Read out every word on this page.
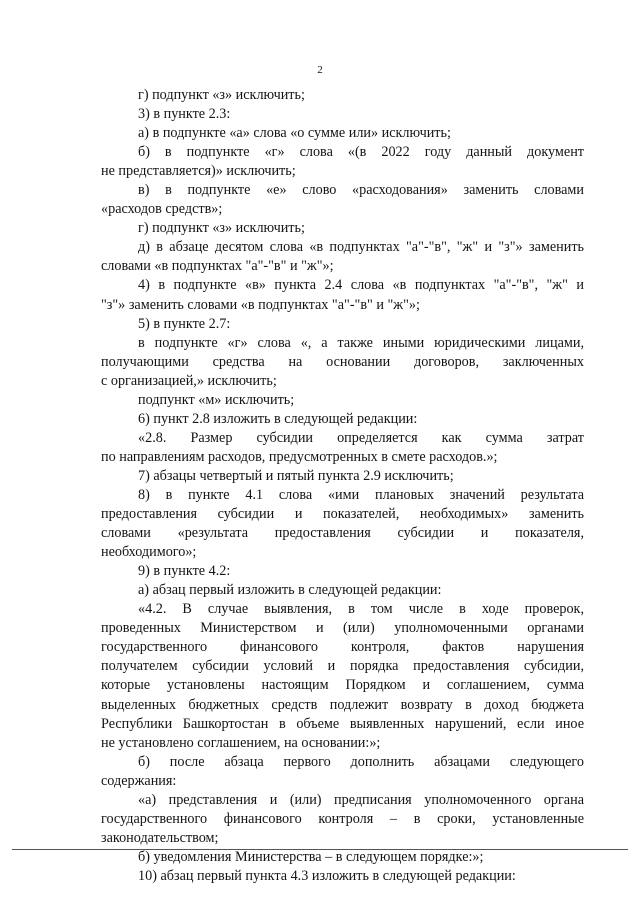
2

г) подпункт «з» исключить;

3) в пункте 2.3:

а) в подпункте «а» слова «о сумме или» исключить;

б) в подпункте «г» слова «(в 2022 году данный документ

не представляется)» исключить;

в) в подпункте «е» слово «расходования» заменить словами

«расходов средств»;

г) подпункт «з» исключить;

д) в абзаце десятом слова «в подпунктах "а"-"в", "ж" и "з"» заменить

словами «в подпунктах "а"-"в" и "ж"»;

4) в подпункте «в» пункта 2.4 слова «в подпунктах "а"-"в", "ж" и

"з"» заменить словами «в подпунктах "а"-"в" и "ж"»;

5) в пункте 2.7:

в подпункте «г» слова «, а также иными юридическими лицами,

получающими средства на основании договоров, заключенных

с организацией,» исключить;

подпункт «м» исключить;

6) пункт 2.8 изложить в следующей редакции:

«2.8. Размер субсидии определяется как сумма затрат

по направлениям расходов, предусмотренных в смете расходов.»;

7) абзацы четвертый и пятый пункта 2.9 исключить;

8) в пункте 4.1 слова «ими плановых значений результата

предоставления субсидии и показателей, необходимых» заменить

словами «результата предоставления субсидии и показателя,

необходимого»;

9) в пункте 4.2:

а) абзац первый изложить в следующей редакции:

«4.2. В случае выявления, в том числе в ходе проверок,

проведенных Министерством и (или) уполномоченными органами

государственного финансового контроля, фактов нарушения

получателем субсидии условий и порядка предоставления субсидии,

которые установлены настоящим Порядком и соглашением, сумма

выделенных бюджетных средств подлежит возврату в доход бюджета

Республики Башкортостан в объеме выявленных нарушений, если иное

не установлено соглашением, на основании:»;

б) после абзаца первого дополнить абзацами следующего

содержания:

«а) представления и (или) предписания уполномоченного органа

государственного финансового контроля – в сроки, установленные

законодательством;

б) уведомления Министерства – в следующем порядке:»;

10) абзац первый пункта 4.3 изложить в следующей редакции:
